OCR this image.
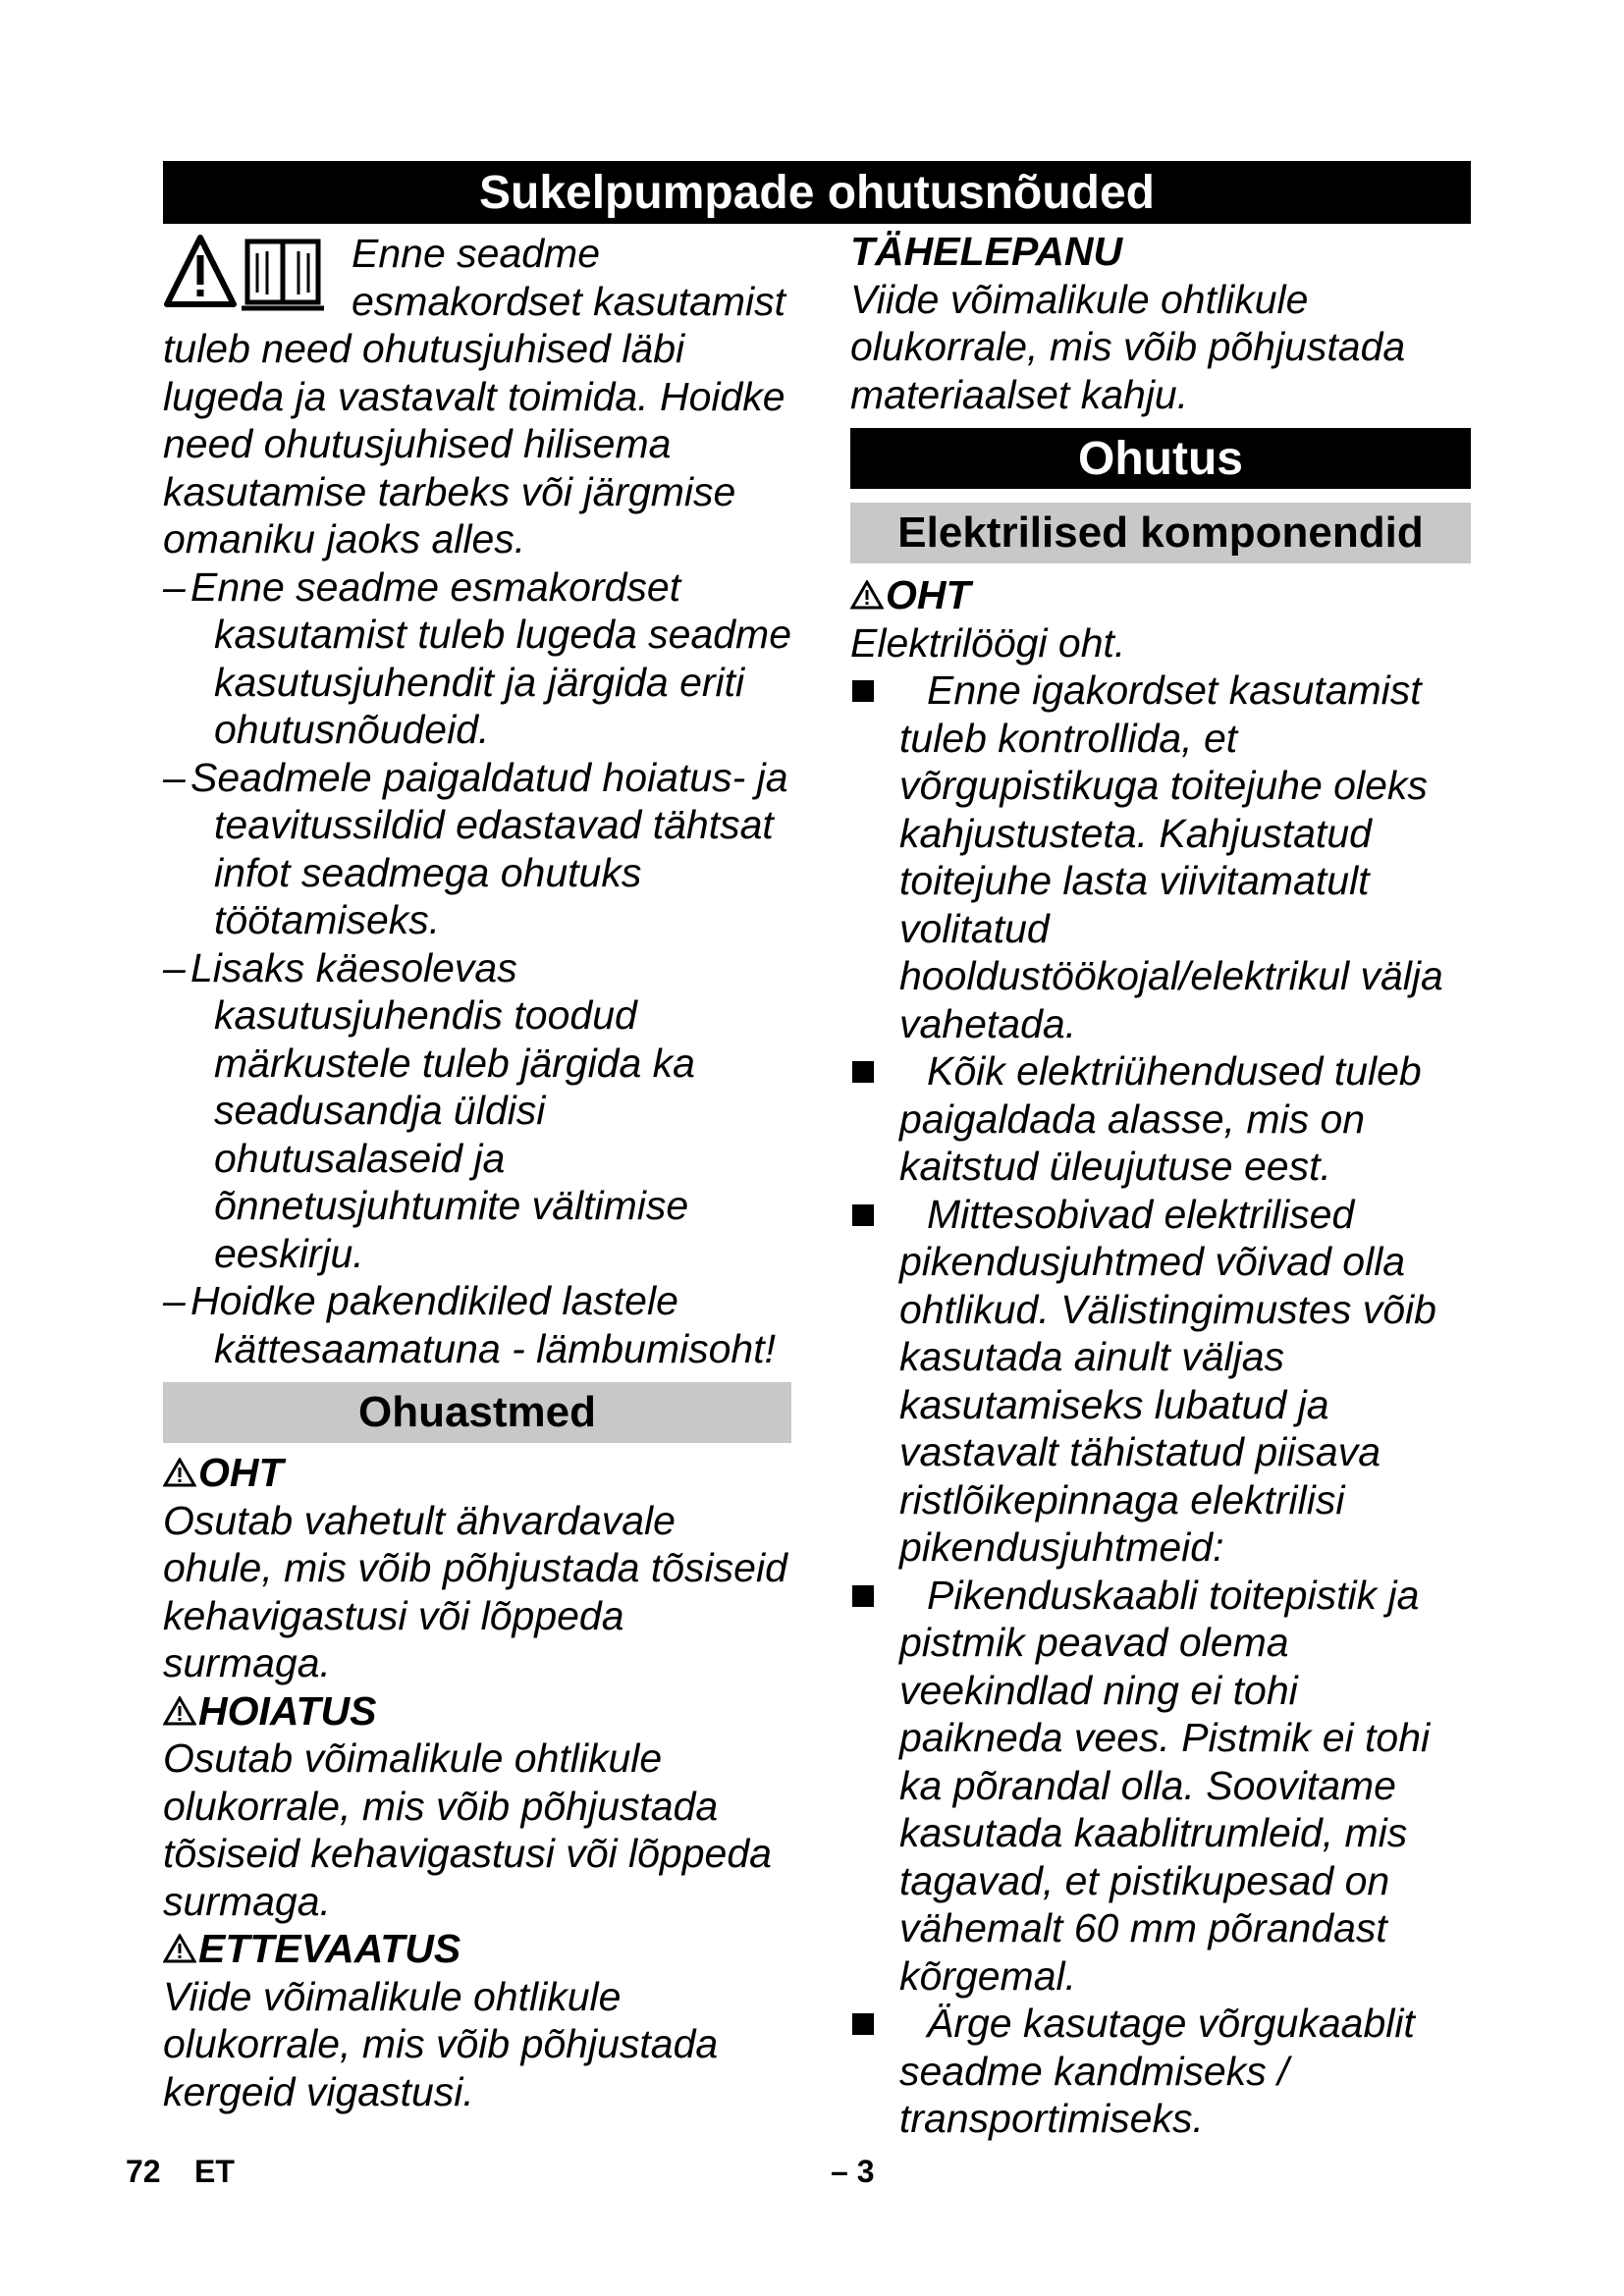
Sukelpumpade ohutusnõuded

Enne seadme esmakordset kasutamist tuleb need ohutusjuhised läbi lugeda ja vastavalt toimida. Hoidke need ohutusjuhised hilisema kasutamise tarbeks või järgmise omaniku jaoks alles.

– Enne seadme esmakordset kasutamist tuleb lugeda seadme kasutusjuhendit ja järgida eriti ohutusnõudeid.
– Seadmele paigaldatud hoiatus- ja teavitussildid edastavad tähtsat infot seadmega ohutuks töötamiseks.
– Lisaks käesolevas kasutusjuhendis toodud märkustele tuleb järgida ka seadusandja üldisi ohutusalaseid ja õnnetusjuhtumite vältimise eeskirju.
– Hoidke pakendikiled lastele kättesaamatuna - lämbumisoht!
Ohuastmed
OHT

Osutab vahetult ähvardavale ohule, mis võib põhjustada tõsiseid kehavigastusi või lõppeda surmaga.

HOIATUS

Osutab võimalikule ohtlikule olukorrale, mis võib põhjustada tõsiseid kehavigastusi või lõppeda surmaga.

ETTEVAATUS

Viide võimalikule ohtlikule olukorrale, mis võib põhjustada kergeid vigastusi.

TÄHELEPANU

Viide võimalikule ohtlikule olukorrale, mis võib põhjustada materiaalset kahju.

Ohutus
Elektrilised komponendid
OHT

Elektrilöögi oht.

Enne igakordset kasutamist tuleb kontrollida, et võrgupistikuga toitejuhe oleks kahjustusteta. Kahjustatud toitejuhe lasta viivitamatult volitatud hooldustöökojal/elektrikul välja vahetada.
Kõik elektriühendused tuleb paigaldada alasse, mis on kaitstud üleujutuse eest.
Mittesobivad elektrilised pikendusjuhtmed võivad olla ohtlikud. Välistingimustes võib kasutada ainult väljas kasutamiseks lubatud ja vastavalt tähistatud piisava ristlõikepinnaga elektrilisi pikendusjuhtmeid:
Pikenduskaabli toitepistik ja pistmik peavad olema veekindlad ning ei tohi paikneda vees. Pistmik ei tohi ka põrandal olla. Soovitame kasutada kaablitrumleid, mis tagavad, et pistikupesad on vähemalt 60 mm põrandast kõrgemal.
Ärge kasutage võrgukaablit seadme kandmiseks / transportimiseks.
72 ET	– 3
